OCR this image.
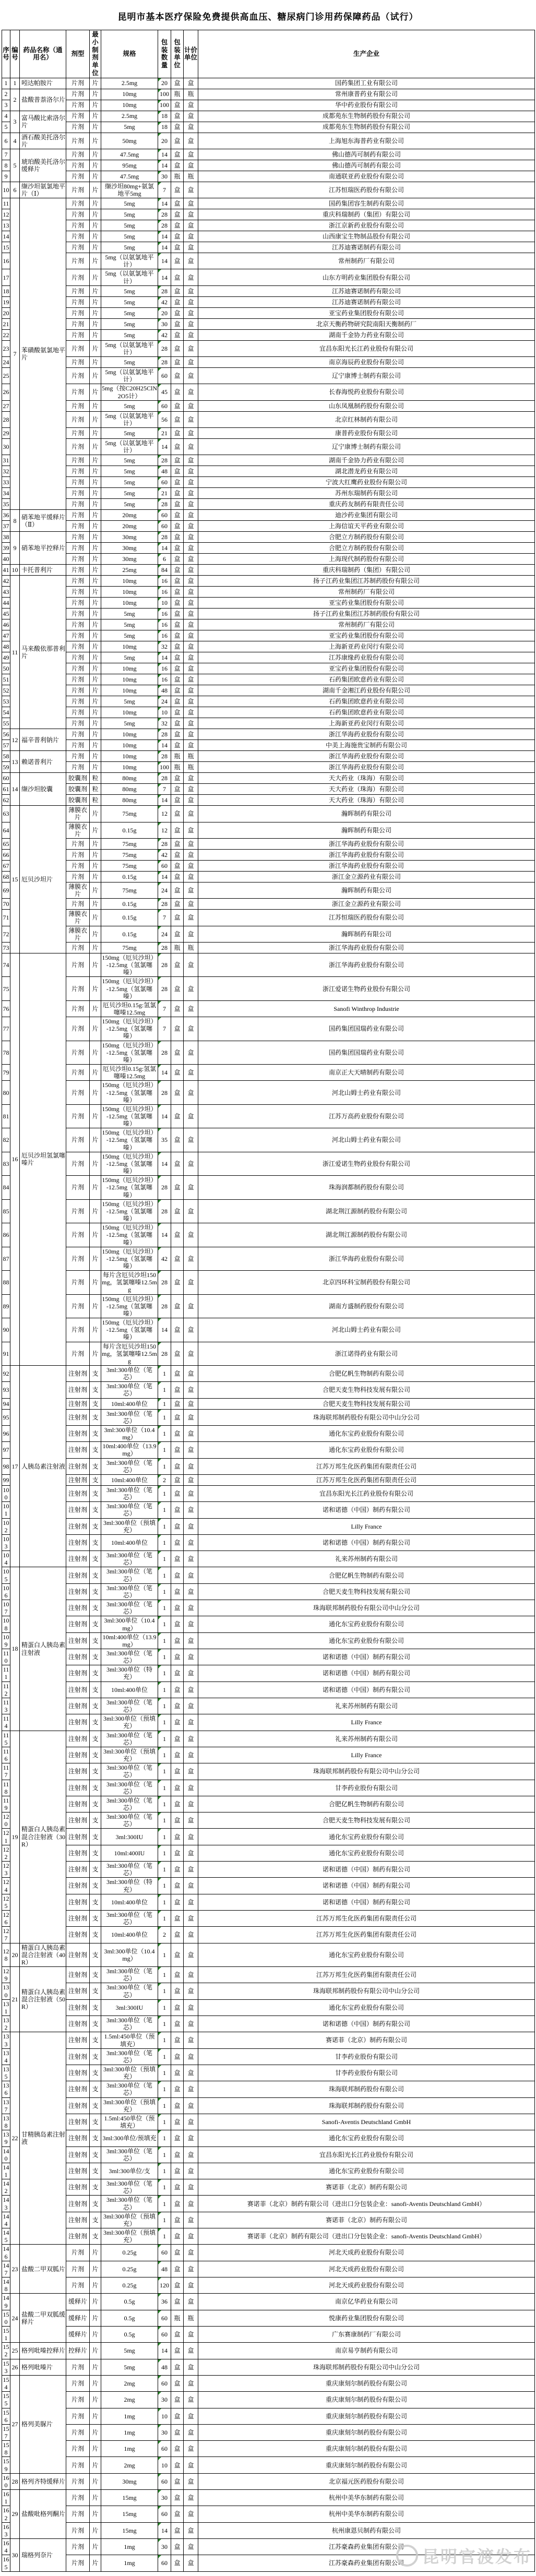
昆明市基本医疗保险免费提供高血压、糖尿病门诊用药保障药品（试行）
序号	编号	药品名称（通用名）	剂型	最小制剂单位	规格	包装数量	包装单位	计价单位	生产企业
1	1	吲达帕胺片	片剂	片	2.5mg	20	盒	盒	国药集团工业有限公司
2	2	盐酸普萘洛尔片	片剂	片	10mg	100	瓶	瓶	常州康普药业有限公司
3			片剂	片	10mg	100	盒	盒	华中药业股份有限公司
4	3	富马酸比索洛尔片	片剂	片	2.5mg	18	盒	盒	成都苑东生物制药股份有限公司
5			片剂	片	5mg	18	盒	盒	成都苑东生物制药股份有限公司
6	4	酒石酸美托洛尔片	片剂	片	50mg	20	盒	盒	上海旭东海普药业有限公司
7	5	琥珀酸美托洛尔缓释片	片剂	片	47.5mg	14	盒	盒	佛山德芮可制药有限公司
8			片剂	片	95mg	14	盒	盒	佛山德芮可制药有限公司
9			片剂	片	47.5mg	30	瓶	瓶	南通联亚药业股份有限公司
10	6	缬沙坦氨氯地平片（Ⅰ）	片剂	片	缬沙坦80mg+氨氯地平5mg	7	盒	盒	江苏恒瑞医药股份有限公司
11	7	苯磺酸氨氯地平片	片剂	片	5mg	14	盒	盒	国药集团容生制药有限公司
12			片剂	片	5mg	28	盒	盒	重庆科瑞制药（集团）有限公司
13			片剂	片	5mg	28	盒	盒	浙江京新药业股份有限公司
14			片剂	片	5mg	14	盒	盒	山西康宝生物制品股份有限公司
15			片剂	片	5mg	14	盒	盒	江苏迪赛诺制药有限公司
16			片剂	片	5mg（以氨氯地平计）	14	盒	盒	常州制药厂有限公司
17			片剂	片	5mg（以氨氯地平计）	14	盒	盒	山东方明药业集团股份有限公司
18			片剂	片	5mg	28	盒	盒	江苏迪赛诺制药有限公司
19			片剂	片	5mg	42	盒	盒	江苏迪赛诺制药有限公司
20			片剂	片	5mg	20	盒	盒	亚宝药业集团股份有限公司
21			片剂	片	5mg	30	盒	盒	北京天衡药物研究院南阳天衡制药厂
22			片剂	片	5mg	42	盒	盒	湖南千金协力药业有限公司
23			片剂	片	5mg（以氨氯地平计）	28	盒	盒	宜昌东阳光长江药业股份有限公司
24			片剂	片	5mg	28	盒	盒	南京海辰药业股份有限公司
25			片剂	片	5mg（以氨氯地平计）	60	盒	盒	辽宁康博士制药有限公司
26			片剂	片	5mg（按C20H25ClN2O5计）	45	盒	盒	长春海悦药业股份有限公司
27			片剂	片	5mg	60	盒	盒	山东凤凰制药股份有限公司
28			片剂	片	5mg（以氨氯地平计）	56	盒	盒	北京红林制药有限公司
29			片剂	片	5mg	21	盒	盒	康普药业股份有限公司
30			片剂	片	5mg（以氨氯地平计）	14	盒	盒	辽宁康博士制药有限公司
31			片剂	片	5mg	28	盒	盒	湖南千金协力药业有限公司
32			片剂	片	5mg	48	盒	盒	湖北潜龙药业有限公司
33			片剂	片	5mg	60	盒	盒	宁波大红鹰药业股份有限公司
34			片剂	片	5mg	21	盒	盒	苏州东瑞制药有限公司
35			片剂	片	5mg	28	盒	盒	重庆药友制药有限责任公司
36	8	硝苯地平缓释片（Ⅱ）	片剂	片	20mg	60	盒	盒	迪沙药业集团有限公司
37			片剂	片	20mg	60	盒	盒	上海信谊天平药业有限公司
38	9	硝苯地平控释片	片剂	片	30mg	28	盒	盒	合肥立方制药股份有限公司
39			片剂	片	30mg	14	盒	盒	合肥立方制药股份有限公司
40			片剂	片	30mg	6	盒	盒	上海现代制药股份有限公司
41	10	卡托普利片	片剂	片	25mg	84	盒	盒	重庆科瑞制药（集团）有限公司
42	11	马来酸依那普利片	片剂	片	10mg	16	盒	盒	扬子江药业集团江苏制药股份有限公司
43			片剂	片	10mg	16	盒	盒	常州制药厂有限公司
44			片剂	片	10mg	10	盒	盒	亚宝药业集团股份有限公司
45			片剂	片	5mg	16	盒	盒	扬子江药业集团江苏制药股份有限公司
46			片剂	片	5mg	16	盒	盒	常州制药厂有限公司
47			片剂	片	5mg	16	盒	盒	亚宝药业集团股份有限公司
48			片剂	片	10mg	32	盒	盒	上海新亚药业闵行有限公司
49			片剂	片	5mg	14	盒	盒	江苏康缘药业股份有限公司
50			片剂	片	10mg	16	盒	盒	亚宝药业集团股份有限公司
51			片剂	片	10mg	16	盒	盒	石药集团欧意药业有限公司
52			片剂	片	10mg	48	盒	盒	湖南千金湘江药业股份有限公司
53			片剂	片	5mg	24	盒	盒	石药集团欧意药业有限公司
54			片剂	片	10mg	10	盒	盒	石药集团欧意药业有限公司
55			片剂	片	5mg	32	盒	盒	上海新亚药业闵行有限公司
56	12	福辛普利钠片	片剂	片	10mg	28	盒	盒	浙江华海药业股份有限公司
57			片剂	片	10mg	14	盒	盒	中美上海施贵宝制药有限公司
58	13	赖诺普利片	片剂	片	10mg	28	瓶	瓶	浙江华海药业股份有限公司
59			片剂	片	10mg	100	瓶	瓶	浙江华海药业股份有限公司
60	14	缬沙坦胶囊	胶囊剂	粒	80mg	28	盒	盒	天大药业（珠海）有限公司
61			胶囊剂	粒	80mg	7	盒	盒	天大药业（珠海）有限公司
62			胶囊剂	粒	80mg	14	盒	盒	天大药业（珠海）有限公司
63	15	厄贝沙坦片	薄膜衣片	片	75mg	12	盒	盒	瀚晖制药有限公司
64			薄膜衣片	片	0.15g	12	盒	盒	瀚晖制药有限公司
65			片剂	片	75mg	28	盒	盒	浙江华海药业股份有限公司
66			片剂	片	75mg	42	盒	盒	浙江华海药业股份有限公司
67			片剂	片	75mg	60	盒	盒	浙江华海药业股份有限公司
68			片剂	片	0.15g	14	盒	盒	浙江金立源药业有限公司
69			薄膜衣片	片	75mg	24	盒	盒	瀚晖制药有限公司
70			片剂	片	0.15g	28	盒	盒	浙江金立源药业有限公司
71			薄膜衣片	片	0.15g	7	盒	盒	江苏恒瑞医药股份有限公司
72			薄膜衣片	片	0.15g	24	盒	盒	瀚晖制药有限公司
73			片剂	片	75mg	28	瓶	瓶	浙江华海药业股份有限公司
74	16	厄贝沙坦氢氯噻嗪片	片剂	片	150mg（厄贝沙坦）-12.5mg（氢氯噻嗪）	28	盒	盒	浙江华海药业股份有限公司
75			片剂	片	150mg（厄贝沙坦）-12.5mg（氢氯噻嗪）	28	盒	盒	浙江爱诺生物药业股份有限公司
76			片剂	片	厄贝沙坦0.15g:氢氯噻嗪12.5mg	7	盒	盒	Sanofi Winthrop Industrie
77			片剂	片	150mg（厄贝沙坦）-12.5mg（氢氯噻嗪）	7	盒	盒	国药集团国瑞药业有限公司
78			片剂	片	150mg（厄贝沙坦）-12.5mg（氢氯噻嗪）	28	盒	盒	国药集团国瑞药业有限公司
79			片剂	片	厄贝沙坦0.15g:氢氯噻嗪12.5mg	14	盒	盒	南京正大天晴制药有限公司
80			片剂	片	150mg（厄贝沙坦）-12.5mg（氢氯噻嗪）	28	盒	盒	河北山姆士药业有限公司
81			片剂	片	150mg（厄贝沙坦）-12.5mg（氢氯噻嗪）	14	盒	盒	江苏万高药业股份有限公司
82			片剂	片	150mg（厄贝沙坦）-12.5mg（氢氯噻嗪）	35	盒	盒	河北山姆士药业有限公司
83			片剂	片	150mg（厄贝沙坦）-12.5mg（氢氯噻嗪）	14	盒	盒	浙江爱诺生物药业股份有限公司
84			片剂	片	150mg（厄贝沙坦）-12.5mg（氢氯噻嗪）	28	盒	盒	珠海润都制药股份有限公司
85			片剂	片	150mg（厄贝沙坦）-12.5mg（氢氯噻嗪）	28	盒	盒	湖北荆江源制药股份有限公司
86			片剂	片	150mg（厄贝沙坦）-12.5mg（氢氯噻嗪）	14	盒	盒	湖北荆江源制药股份有限公司
87			片剂	片	150mg（厄贝沙坦）-12.5mg（氢氯噻嗪）	42	盒	盒	浙江华海药业股份有限公司
88			片剂	片	每片含厄贝沙坦150mg，氢氯噻嗪12.5mg	28	盒	盒	北京四环科宝制药股份有限公司
89			片剂	片	150mg（厄贝沙坦）-12.5mg（氢氯噻嗪）	28	盒	盒	湖南方盛制药股份有限公司
90			片剂	片	150mg（厄贝沙坦）-12.5mg（氢氯噻嗪）	14	盒	盒	河北山姆士药业有限公司
91			片剂	片	每片含厄贝沙坦150mg，氢氯噻嗪12.5mg	28	盒	盒	浙江诺得药业有限公司
92	17	人胰岛素注射液	注射剂	支	3ml:300单位（笔芯）	1	盒	盒	合肥亿帆生物制药有限公司
93			注射剂	支	3ml:300单位（笔芯）	1	盒	盒	合肥天麦生物科技发展有限公司
94			注射剂	支	10ml:400单位	1	盒	盒	合肥天麦生物科技发展有限公司
95			注射剂	支	3ml:300单位（笔芯）	1	盒	盒	珠海联邦制药股份有限公司中山分公司
96			注射剂	支	3ml:300单位（10.4mg）	1	盒	盒	通化东宝药业股份有限公司
97			注射剂	支	10ml:400单位（13.9mg）	1	盒	盒	通化东宝药业股份有限公司
98			注射剂	支	3ml:300单位（笔芯）	1	盒	盒	江苏万邦生化医药集团有限责任公司
99			注射剂	支	10ml:400单位	2	盒	盒	江苏万邦生化医药集团有限责任公司
100			注射剂	支	3ml:300单位（笔芯）	1	盒	盒	宜昌东阳光长江药业股份有限公司
101			注射剂	支	3ml:300单位（笔芯）	1	盒	盒	诺和诺德（中国）制药有限公司
102			注射剂	支	3ml:300单位（预填充）	1	盒	盒	Lilly France
103			注射剂	支	10ml:400单位	1	盒	盒	诺和诺德（中国）制药有限公司
104			注射剂	支	3ml:300单位（笔芯）	1	盒	盒	礼来苏州制药有限公司
105	18	精蛋白人胰岛素注射液	注射剂	支	3ml:300单位（笔芯）	1	盒	盒	合肥亿帆生物制药有限公司
106			注射剂	支	3ml:300单位（笔芯）	1	盒	盒	合肥天麦生物科技发展有限公司
107			注射剂	支	3ml:300单位（笔芯）	1	盒	盒	珠海联邦制药股份有限公司中山分公司
108			注射剂	支	3ml:300单位（10.4mg）	1	盒	盒	通化东宝药业股份有限公司
109			注射剂	支	10ml:400单位（13.9mg）	1	盒	盒	通化东宝药业股份有限公司
110			注射剂	支	3ml:300单位（笔芯）	1	盒	盒	诺和诺德（中国）制药有限公司
111			注射剂	支	3ml:300单位（特充）	1	盒	盒	诺和诺德（中国）制药有限公司
112			注射剂	支	10ml:400单位	1	盒	盒	诺和诺德（中国）制药有限公司
113			注射剂	支	3ml:300单位（笔芯）	1	盒	盒	礼来苏州制药有限公司
114			注射剂	支	3ml:300单位（预填充）	1	盒	盒	Lilly France
115	19	精蛋白人胰岛素混合注射液（30R）	注射剂	支	3ml:300单位（笔芯）	1	盒	盒	礼来苏州制药有限公司
116			注射剂	支	3ml:300单位（预填充）	1	盒	盒	Lilly France
117			注射剂	支	3ml:300单位（笔芯）	1	盒	盒	珠海联邦制药股份有限公司中山分公司
118			注射剂	支	3ml:300单位（笔芯）	1	盒	盒	甘李药业股份有限公司
119			注射剂	支	3ml:300单位（笔芯）	1	盒	盒	合肥亿帆生物制药有限公司
120			注射剂	支	3ml:300单位（笔芯）	1	盒	盒	合肥天麦生物科技发展有限公司
121			注射剂	支	3ml:300IU	1	盒	盒	通化东宝药业股份有限公司
122			注射剂	支	10ml:400IU	1	盒	盒	通化东宝药业股份有限公司
123			注射剂	支	3ml:300单位（笔芯）	1	盒	盒	诺和诺德（中国）制药有限公司
124			注射剂	支	3ml:300单位（特充）	1	盒	盒	诺和诺德（中国）制药有限公司
125			注射剂	支	10ml:400单位	1	盒	盒	诺和诺德（中国）制药有限公司
126			注射剂	支	3ml:300单位（笔芯）	1	盒	盒	江苏万邦生化医药集团有限责任公司
127			注射剂	支	10ml:400单位	2	盒	盒	江苏万邦生化医药集团有限责任公司
128	20	精蛋白人胰岛素混合注射液（40R）	注射剂	支	3ml:300单位（10.4mg）	1	盒	盒	通化东宝药业股份有限公司
129	21	精蛋白人胰岛素混合注射液（50R）	注射剂	支	3ml:300单位（笔芯）	1	盒	盒	江苏万邦生化医药集团有限责任公司
130			注射剂	支	3ml:300单位（笔芯）	1	盒	盒	珠海联邦制药股份有限公司中山分公司
131			注射剂	支	3ml:300IU	1	盒	盒	通化东宝药业股份有限公司
132			注射剂	支	3ml:300单位（笔芯）	1	盒	盒	诺和诺德（中国）制药有限公司
133	22	甘精胰岛素注射液	注射剂	支	1.5ml:450单位（预填充）	1	盒	盒	赛诺菲（北京）制药有限公司
134			注射剂	支	3ml:300单位（笔芯）	1	盒	盒	甘李药业股份有限公司
135			注射剂	支	3ml:300单位（预填充）	1	盒	盒	甘李药业股份有限公司
136			注射剂	支	3ml:300单位（笔芯）	1	盒	盒	珠海联邦制药股份有限公司
137			注射剂	支	3ml:300单位（预填充）	1	盒	盒	珠海联邦制药股份有限公司
138			注射剂	支	1.5ml:450单位（预填充）	1	盒	盒	Sanofi-Aventis Deutschland GmbH
139			注射剂	支	3ml:300单位/预填充	1	盒	盒	通化东宝药业股份有限公司
140			注射剂	支	3ml:300单位（笔芯）	1	盒	盒	宜昌东阳光长江药业股份有限公司
141			注射剂	支	3ml:300单位/支	1	盒	盒	通化东宝药业股份有限公司
142			注射剂	支	3ml:300单位（笔芯）	1	盒	盒	赛诺菲（北京）制药有限公司
143			注射剂	支	3ml:300单位（笔芯）	1	盒	盒	赛诺菲（北京）制药有限公司（进出口分包装企业：sanofi-Aventis Deutschland GmbH）
144			注射剂	支	3ml:300单位（预填充）	1	盒	盒	赛诺菲（北京）制药有限公司
145			注射剂	支	3ml:300单位（预填充）	1	盒	盒	赛诺菲（北京）制药有限公司（进出口分包装企业：sanofi-Aventis Deutschland GmbH）
146	23	盐酸二甲双胍片	片剂	片	0.25g	60	盒	盒	河北天成药业股份有限公司
147			片剂	片	0.25g	48	盒	盒	河北天成药业股份有限公司
148			片剂	片	0.25g	120	盒	盒	河北天成药业股份有限公司
149	24	盐酸二甲双胍缓释片	缓释片	片	0.5g	36	盒	盒	南京亿华药业有限公司
150			缓释片	片	0.5g	60	瓶	瓶	悦康药业集团股份有限公司
151			缓释片	片	0.5g	60	盒	盒	广东赛康制药厂有限公司
152	25	格列吡嗪控释片	控释片	片	5mg	14	盒	盒	南京易亨制药有限公司
153	26	格列吡嗪片	片剂	片	5mg	48	盒	盒	珠海联邦制药股份有限公司中山分公司
154	27	格列美脲片	片剂	片	2mg	60	盒	盒	重庆康刻尔制药股份有限公司
155			片剂	片	2mg	30	盒	盒	重庆康刻尔制药股份有限公司
156			片剂	片	1mg	10	盒	盒	重庆康刻尔制药股份有限公司
157			片剂	片	1mg	30	盒	盒	重庆康刻尔制药股份有限公司
158			片剂	片	1mg	60	盒	盒	重庆康刻尔制药股份有限公司
159			片剂	片	2mg	10	盒	盒	重庆康刻尔制药股份有限公司
160	28	格列齐特缓释片	片剂	片	30mg	60	盒	盒	北京福元医药股份有限公司
161	29	盐酸吡格列酮片	片剂	片	15mg	30	盒	盒	杭州中美华东制药有限公司
162			片剂	片	15mg	60	盒	盒	杭州中美华东制药有限公司
163			片剂	片	15mg	14	盒	盒	杭州康恩贝制药有限公司
164	30	瑞格列奈片	片剂	片	1mg	30	盒	盒	江苏豪森药业集团有限公司
165			片剂	片	1mg	60	盒	盒	江苏豪森药业集团有限公司 昆明官渡发布
